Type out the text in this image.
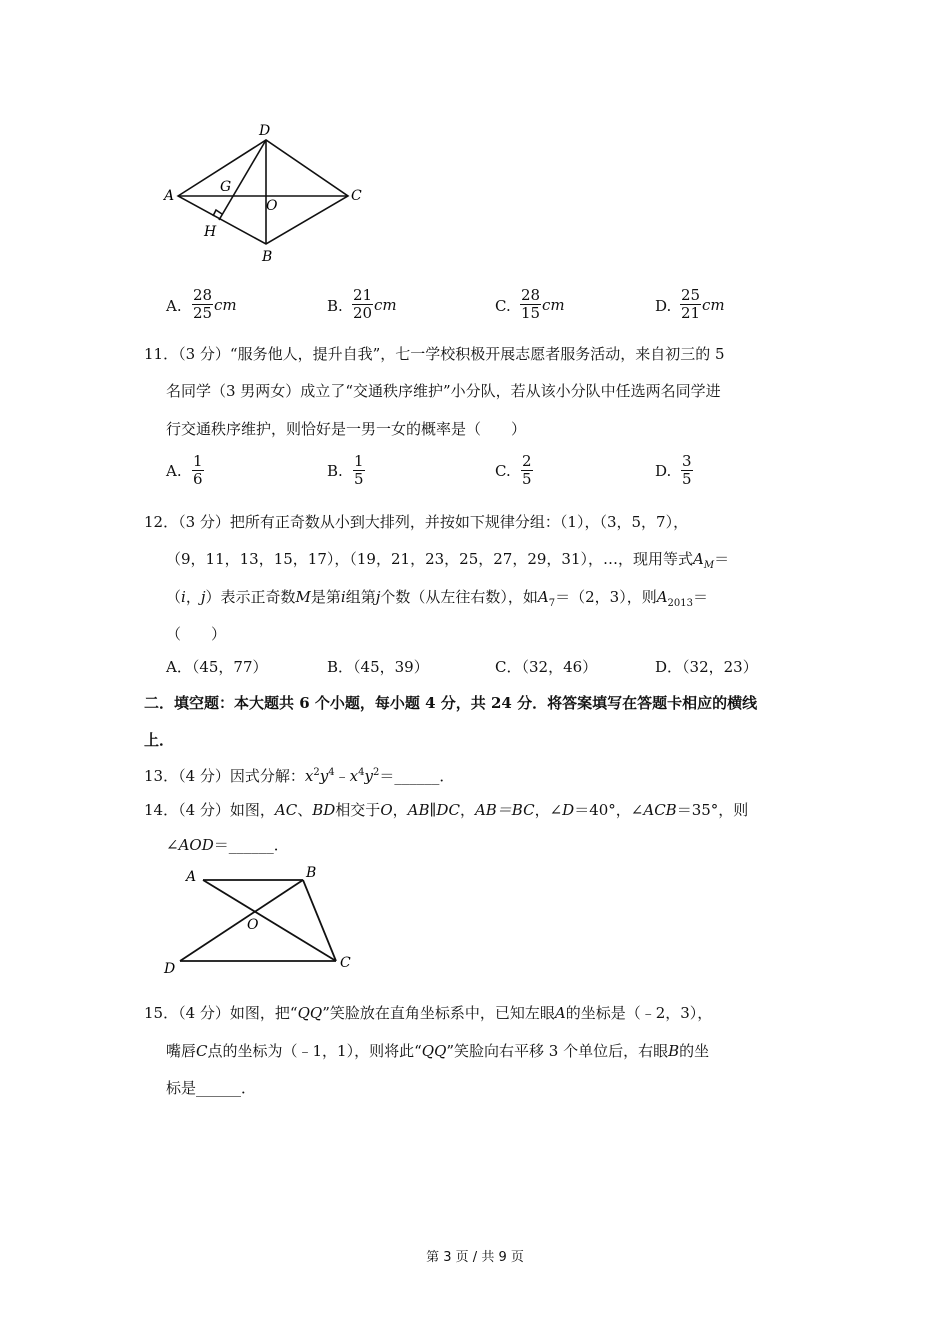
D
A
G
O
C
H
B
A. $\frac{28}{25}$ cm	B. $\frac{21}{20}$ cm	C. $\frac{28}{15}$ cm	D. $\frac{25}{21}$ cm
11．（3 分）“服务他人，提升自我”，七一学校积极开展志愿者服务活动，来自初三的 5
名同学（3 男两女）成立了“交通秩序维护”小分队，若从该小分队中任选两名同学进
行交通秩序维护，则恰好是一男一女的概率是（　　）
A. $\frac{1}{6}$	B. $\frac{1}{5}$	C. $\frac{2}{5}$	D. $\frac{3}{5}$
12．（3 分）把所有正奇数从小到大排列，并按如下规律分组：（1），（3，5，7），
（9，11，13，15，17），（19，21，23，25，27，29，31），…，现用等式$A_M=$
（i，j）表示正奇数M是第i组第j个数（从左往右数），如$A_7=(2$，3），则$A_{2013}=$
（　　）
A．（45，77）	B．（45，39）	C．（32，46）	D．（32，23）
二．填空题：本大题共 6 个小题，每小题 4 分，共 24 分．将答案填写在答题卡相应的横线
上．
13．（4 分）因式分解：$x^2y^4﹣x^4y^2=\_\_\_\_\_\_$．
14．（4 分）如图，AC、BD相交于O，AB∥DC，AB＝BC，∠D＝40°，∠ACB＝35°，则
∠AOD＝______．
A	B
O
D	C
15．（4 分）如图，把“QQ”笑脸放在直角坐标系中，已知左眼A的坐标是（﹣2，3），
嘴唇C点的坐标为（﹣1，1），则将此“QQ”笑脸向右平移 3 个单位后，右眼B的坐
标是______．
第 3 页 / 共 9 页
